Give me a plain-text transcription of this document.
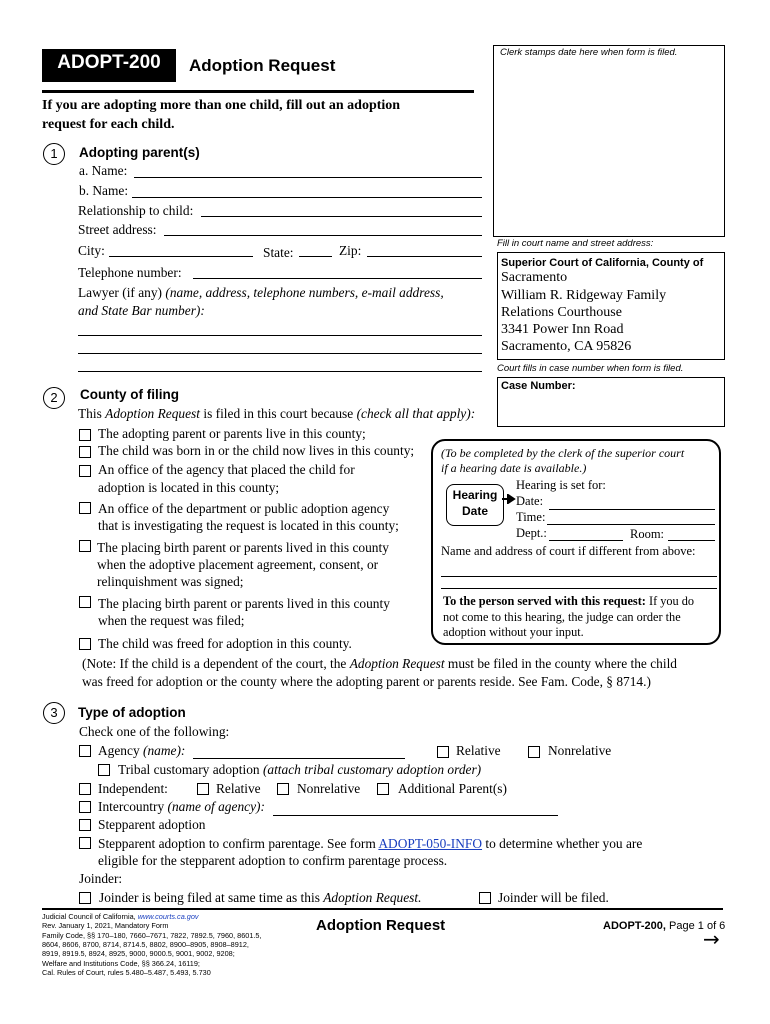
ADOPT-200	Adoption Request
Clerk stamps date here when form is filed.
If you are adopting more than one child, fill out an adoption
request for each child.
Fill in court name and street address:
Superior Court of California, County of
Sacramento
William R. Ridgeway Family
Relations Courthouse
3341 Power Inn Road
Sacramento, CA 95826
Court fills in case number when form is filed.
Case Number:
1	Adopting parent(s)
a. Name:
b. Name:
Relationship to child:
Street address:
City:	State:	Zip:
Telephone number:
Lawyer (if any) (name, address, telephone numbers, e-mail address,
and State Bar number):
2	County of filing
This Adoption Request is filed in this court because (check all that apply):
The adopting parent or parents live in this county;
The child was born in or the child now lives in this county;
An office of the agency that placed the child for
adoption is located in this county;
An office of the department or public adoption agency
that is investigating the request is located in this county;
The placing birth parent or parents lived in this county
when the adoptive placement agreement, consent, or
relinquishment was signed;
The placing birth parent or parents lived in this county
when the request was filed;
The child was freed for adoption in this county.
(Note: If the child is a dependent of the court, the Adoption Request must be filed in the county where the child
was freed for adoption or the county where the adopting parent or parents reside. See Fam. Code, § 8714.)
(To be completed by the clerk of the superior court
if a hearing date is available.)
Hearing is set for:
Hearing
Date
Date:
Time:
Dept.:	Room:
Name and address of court if different from above:
To the person served with this request: If you do
not come to this hearing, the judge can order the
adoption without your input.
3	Type of adoption
Check one of the following:
Agency (name):	Relative	Nonrelative
Tribal customary adoption (attach tribal customary adoption order)
Independent:	Relative	Nonrelative	Additional Parent(s)
Intercountry (name of agency):
Stepparent adoption
Stepparent adoption to confirm parentage. See form ADOPT-050-INFO to determine whether you are
eligible for the stepparent adoption to confirm parentage process.
Joinder:
Joinder is being filed at same time as this Adoption Request.	Joinder will be filed.
Judicial Council of California, www.courts.ca.gov
Rev. January 1, 2021, Mandatory Form
Family Code, §§ 170–180, 7660–7671, 7822, 7892.5, 7960, 8601.5,
8604, 8606, 8700, 8714, 8714.5, 8802, 8900–8905, 8908–8912,
8919, 8919.5, 8924, 8925, 9000, 9000.5, 9001, 9002, 9208;
Welfare and Institutions Code, §§ 366.24, 16119;
Cal. Rules of Court, rules 5.480–5.487, 5.493, 5.730
Adoption Request	ADOPT-200, Page 1 of 6
→
